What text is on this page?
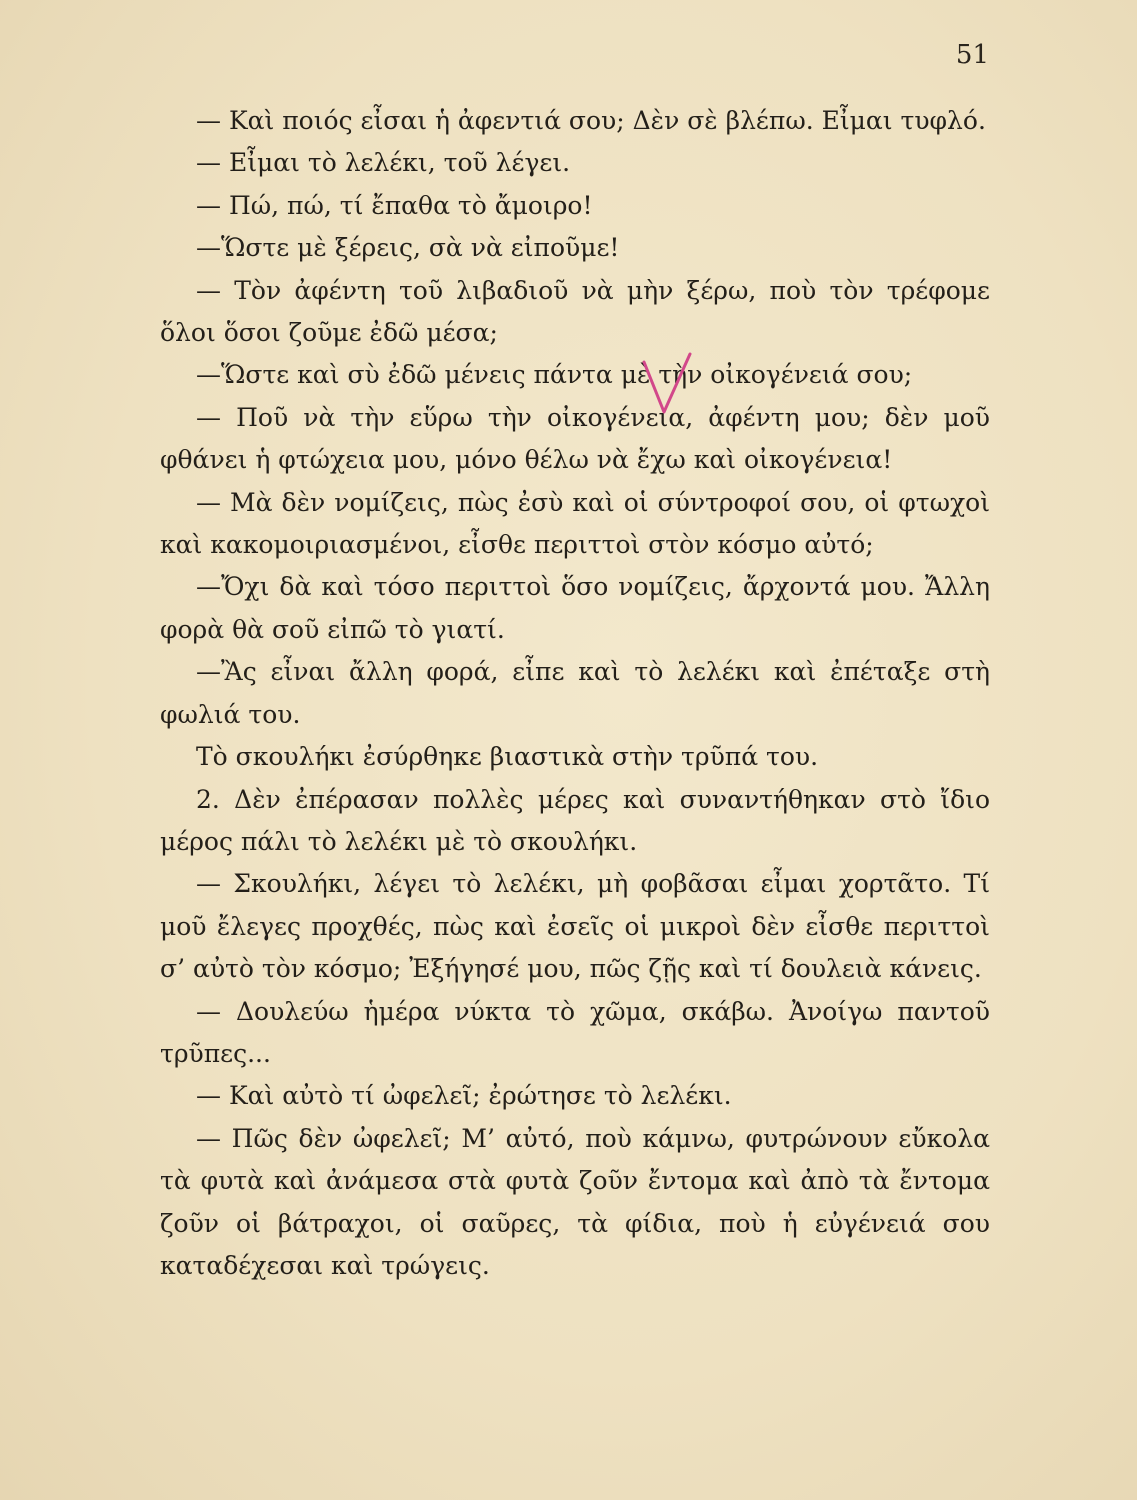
51

— Καὶ ποιός εἶσαι ἡ ἀφεντιά σου; Δὲν σὲ βλέπω. Εἶμαι τυφλό.

— Εἶμαι τὸ λελέκι, τοῦ λέγει.

— Πώ, πώ, τί ἔπαθα τὸ ἄμοιρο!

—Ὥστε μὲ ξέρεις, σὰ νὰ εἰποῦμε!

— Τὸν ἀφέντη τοῦ λιβαδιοῦ νὰ μὴν ξέρω, ποὺ τὸν τρέφομε ὅλοι ὅσοι ζοῦμε ἐδῶ μέσα;

—Ὥστε καὶ σὺ ἐδῶ μένεις πάντα μὲ τὴν οἰκογένειά σου;

— Ποῦ νὰ τὴν εὕρω τὴν οἰκογένεια, ἀφέντη μου; δὲν μοῦ φθάνει ἡ φτώχεια μου, μόνο θέλω νὰ ἔχω καὶ οἰκογένεια!

— Μὰ δὲν νομίζεις, πὼς ἐσὺ καὶ οἱ σύντροφοί σου, οἱ φτωχοὶ καὶ κακομοιριασμένοι, εἶσθε περιττοὶ στὸν κόσμο αὐτό;

—Ὄχι δὰ καὶ τόσο περιττοὶ ὅσο νομίζεις, ἄρχοντά μου. Ἄλλη φορὰ θὰ σοῦ εἰπῶ τὸ γιατί.

—Ἂς εἶναι ἄλλη φορά, εἶπε καὶ τὸ λελέκι καὶ ἐπέταξε στὴ φωλιά του.

Τὸ σκουλήκι ἐσύρθηκε βιαστικὰ στὴν τρῦπά του.

2. Δὲν ἐπέρασαν πολλὲς μέρες καὶ συναντήθηκαν στὸ ἴδιο μέρος πάλι τὸ λελέκι μὲ τὸ σκουλήκι.

— Σκουλήκι, λέγει τὸ λελέκι, μὴ φοβᾶσαι εἶμαι χορτᾶτο. Τί μοῦ ἔλεγες προχθές, πὼς καὶ ἐσεῖς οἱ μικροὶ δὲν εἶσθε περιττοὶ σ’ αὐτὸ τὸν κόσμο; Ἐξήγησέ μου, πῶς ζῇς καὶ τί δουλειὰ κάνεις.

— Δουλεύω ἡμέρα νύκτα τὸ χῶμα, σκάβω. Ἀνοίγω παντοῦ τρῦπες...

— Καὶ αὐτὸ τί ὠφελεῖ; ἐρώτησε τὸ λελέκι.

— Πῶς δὲν ὠφελεῖ; Μ’ αὐτό, ποὺ κάμνω, φυτρώνουν εὔκολα τὰ φυτὰ καὶ ἀνάμεσα στὰ φυτὰ ζοῦν ἔντομα καὶ ἀπὸ τὰ ἔντομα ζοῦν οἱ βάτραχοι, οἱ σαῦρες, τὰ φίδια, ποὺ ἡ εὐγένειά σου καταδέχεσαι καὶ τρώγεις.
